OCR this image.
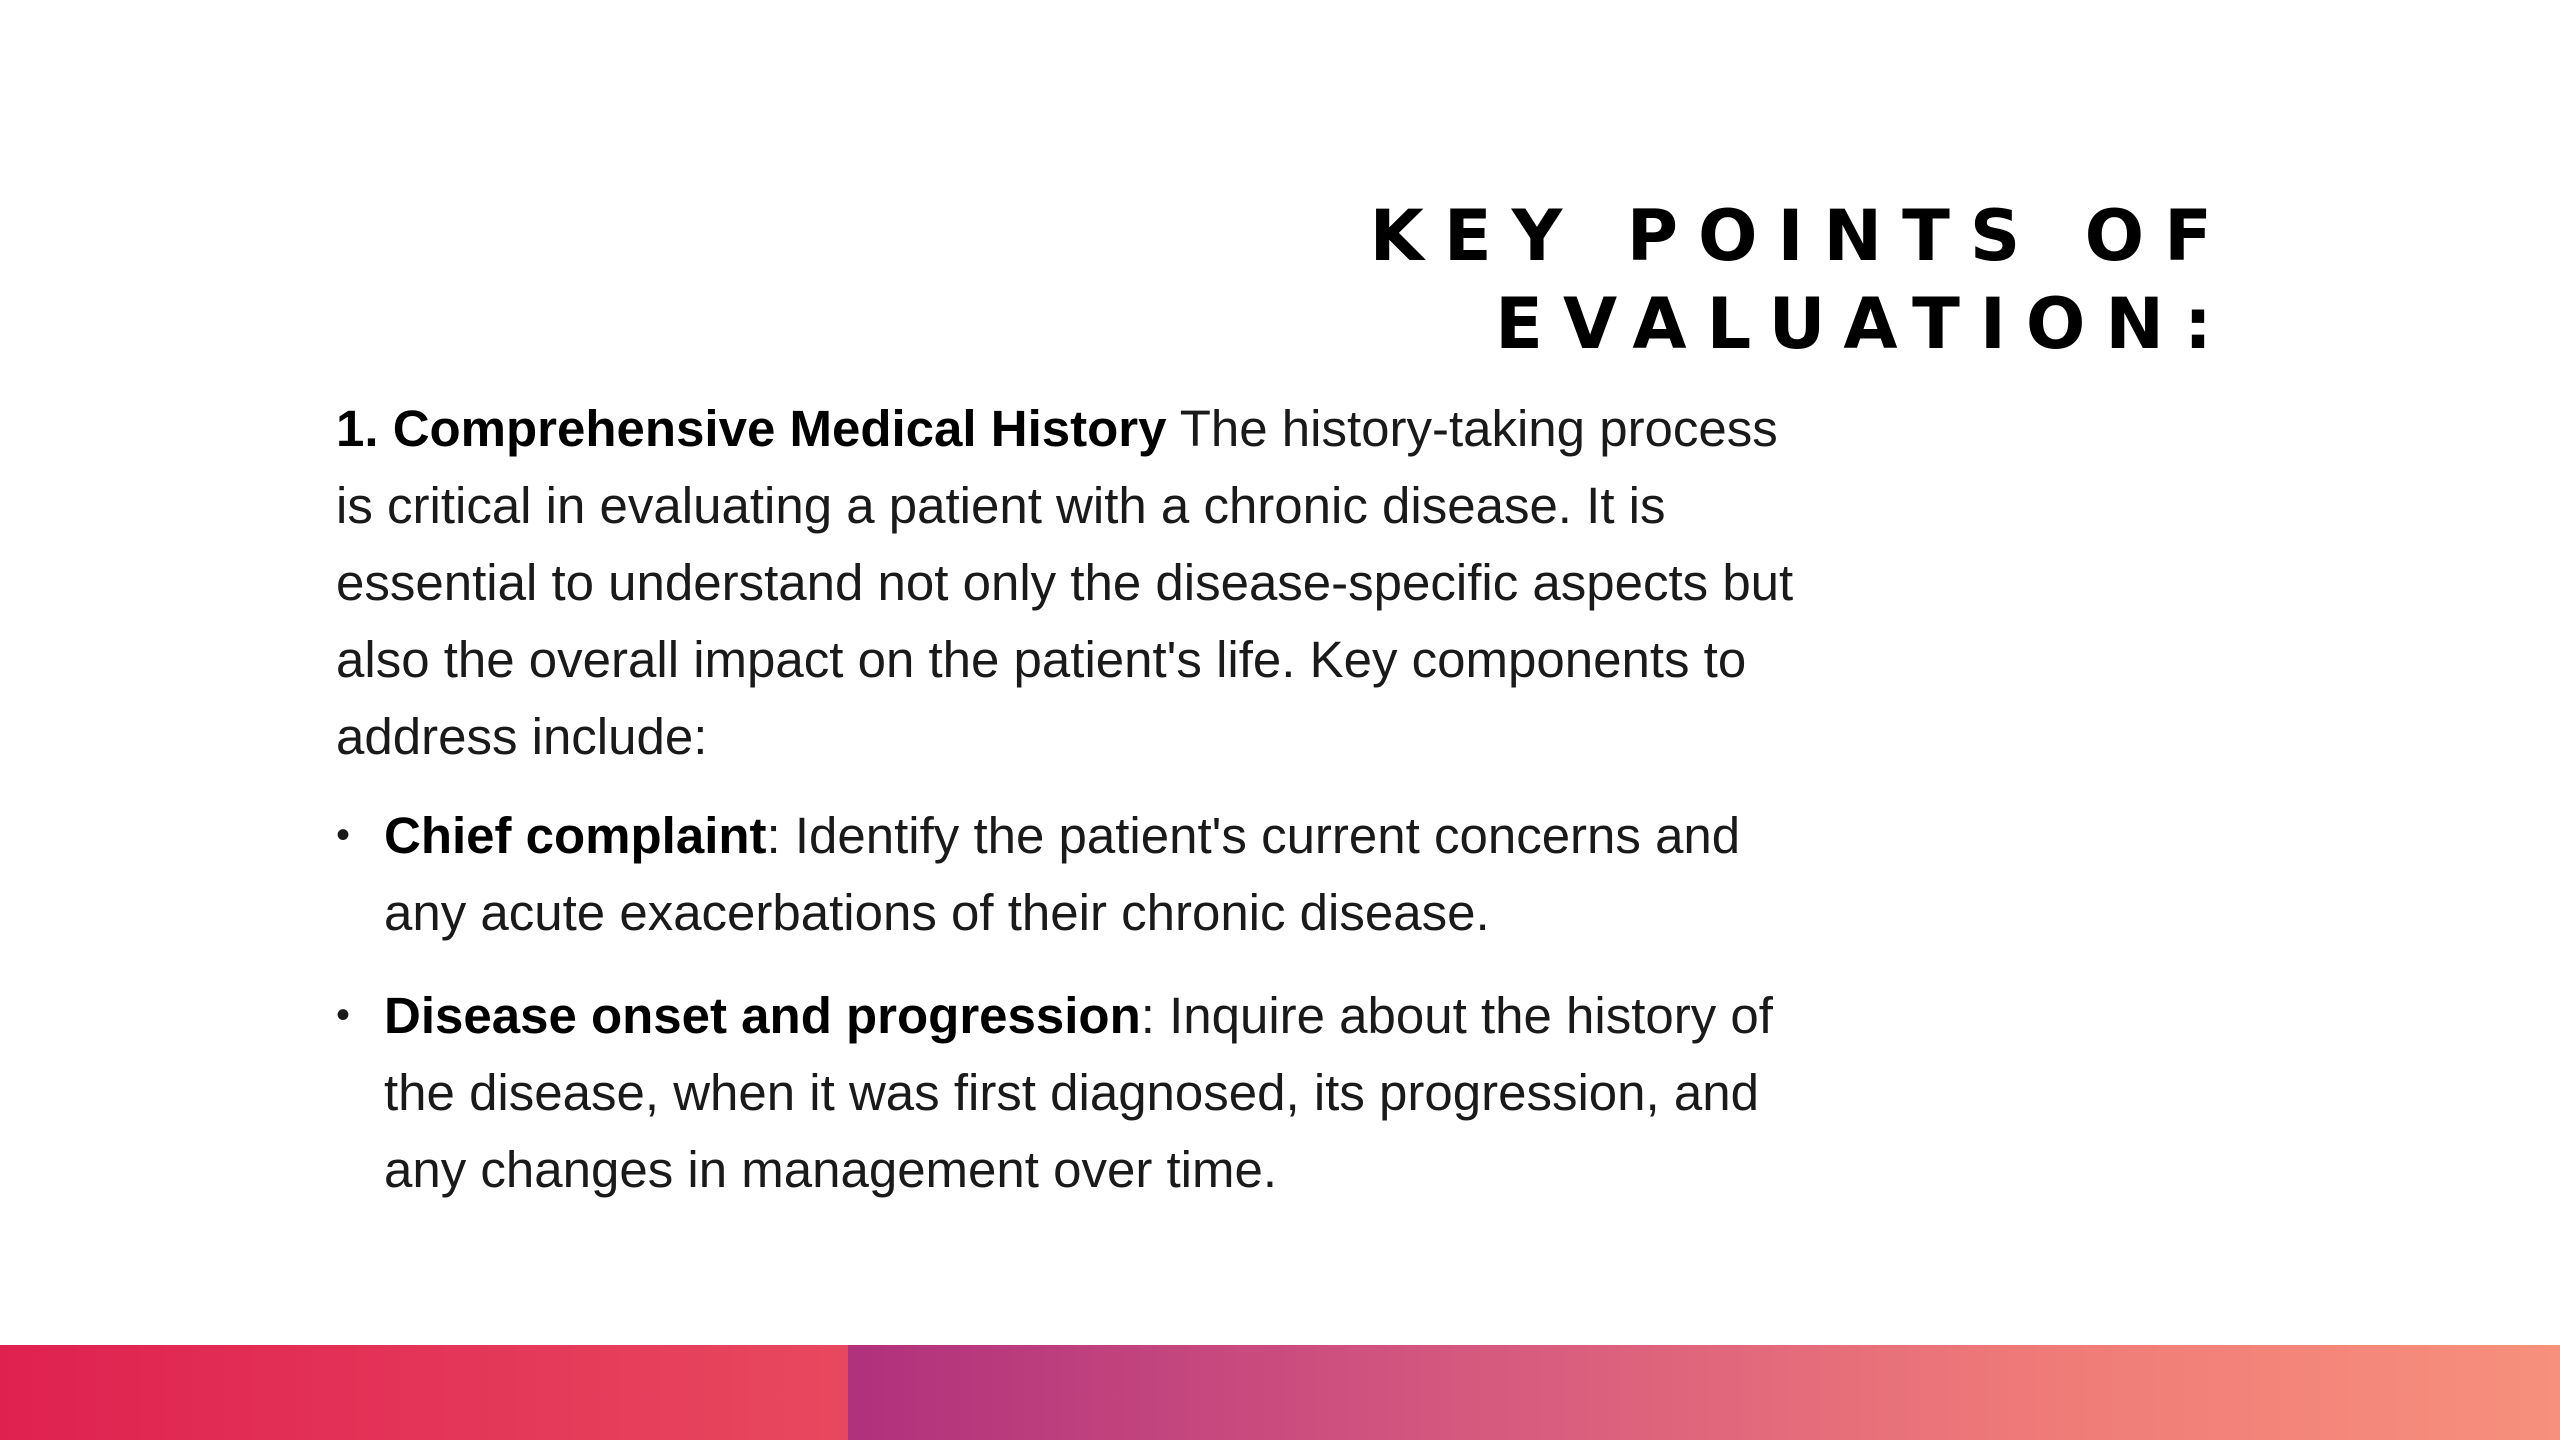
KEY POINTS OF
EVALUATION:

1. Comprehensive Medical History The history-taking process is critical in evaluating a patient with a chronic disease. It is essential to understand not only the disease-specific aspects but also the overall impact on the patient's life. Key components to address include:

• Chief complaint: Identify the patient's current concerns and any acute exacerbations of their chronic disease.
• Disease onset and progression: Inquire about the history of the disease, when it was first diagnosed, its progression, and any changes in management over time.
